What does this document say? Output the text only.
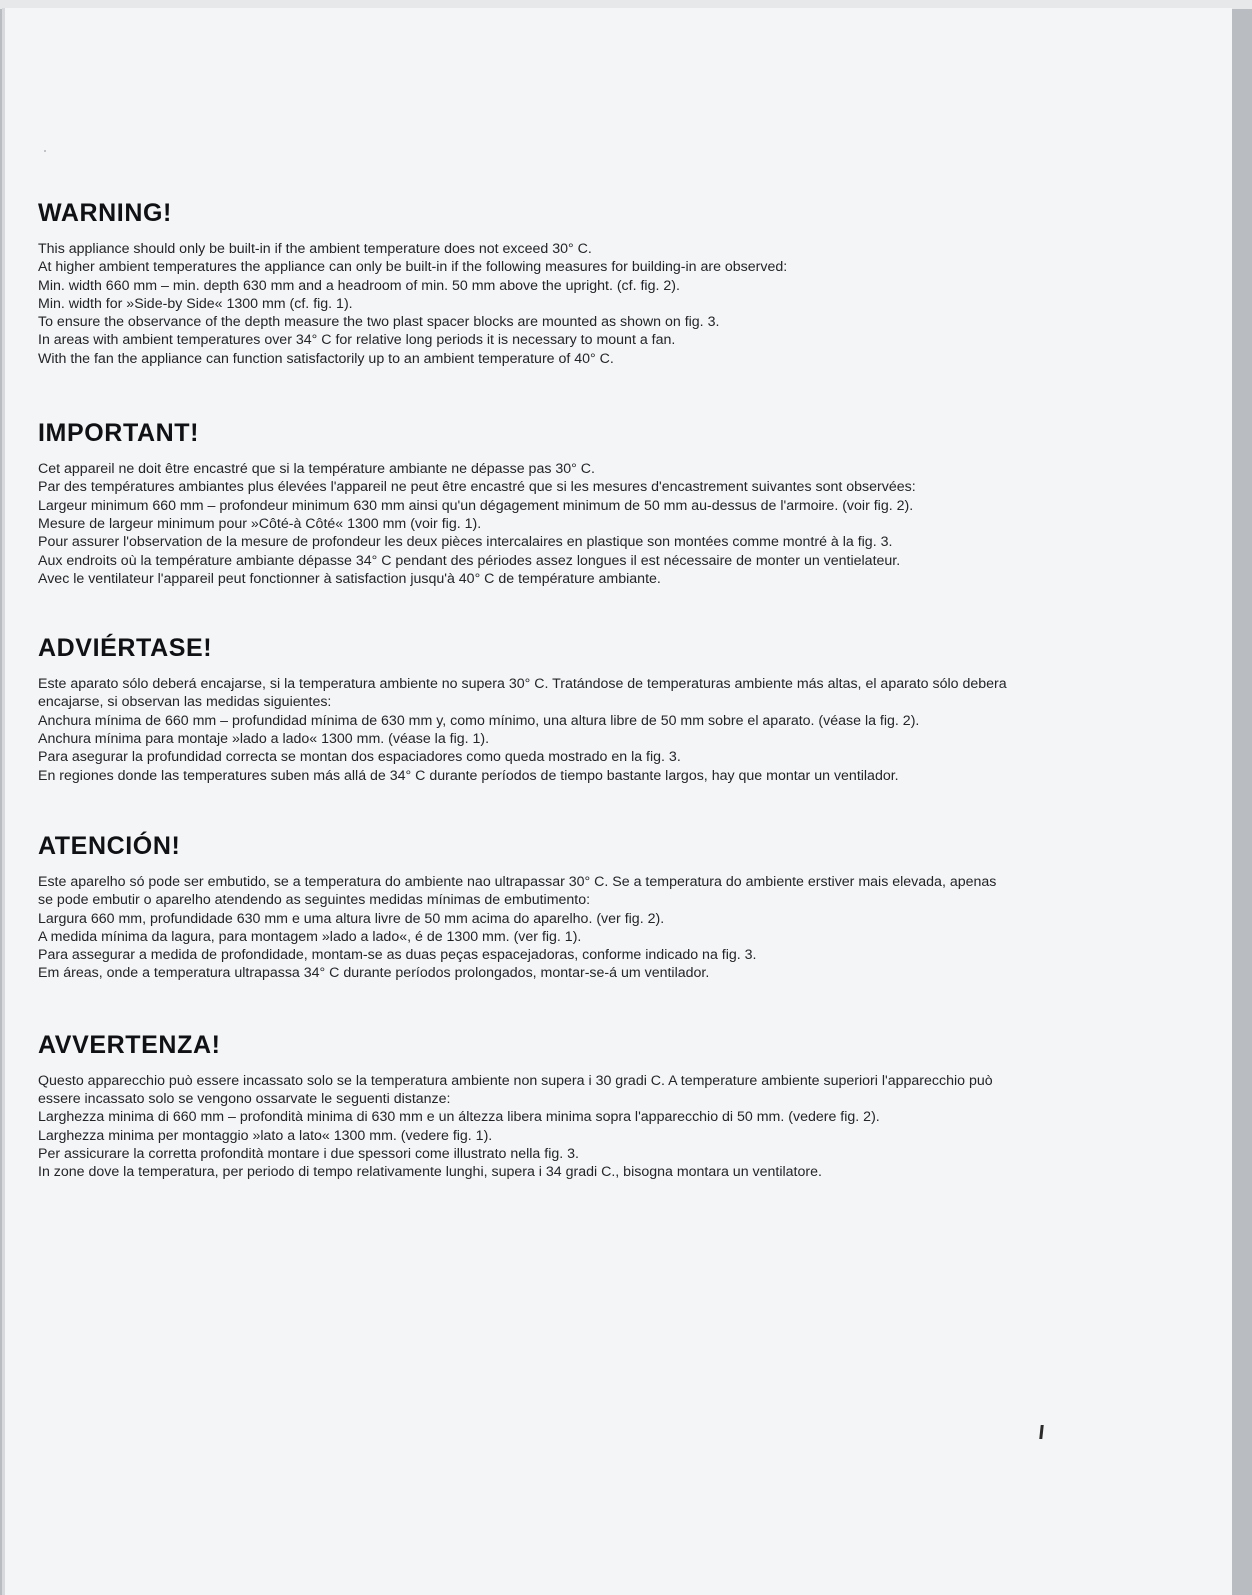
WARNING!

This appliance should only be built-in if the ambient temperature does not exceed 30° C.

At higher ambient temperatures the appliance can only be built-in if the following measures for building-in are observed:

Min. width 660 mm – min. depth 630 mm and a headroom of min. 50 mm above the upright. (cf. fig. 2).

Min. width for »Side-by Side« 1300 mm (cf. fig. 1).

To ensure the observance of the depth measure the two plast spacer blocks are mounted as shown on fig. 3.

In areas with ambient temperatures over 34° C for relative long periods it is necessary to mount a fan.

With the fan the appliance can function satisfactorily up to an ambient temperature of 40° C.

IMPORTANT!

Cet appareil ne doit être encastré que si la température ambiante ne dépasse pas 30° C.

Par des températures ambiantes plus élevées l'appareil ne peut être encastré que si les mesures d'encastrement suivantes sont observées:

Largeur minimum 660 mm – profondeur minimum 630 mm ainsi qu'un dégagement minimum de 50 mm au-dessus de l'armoire. (voir fig. 2).

Mesure de largeur minimum pour »Côté-à Côté« 1300 mm (voir fig. 1).

Pour assurer l'observation de la mesure de profondeur les deux pièces intercalaires en plastique son montées comme montré à la fig. 3.

Aux endroits où la température ambiante dépasse 34° C pendant des périodes assez longues il est nécessaire de monter un ventielateur.

Avec le ventilateur l'appareil peut fonctionner à satisfaction jusqu'à 40° C de température ambiante.

ADVIÉRTASE!

Este aparato sólo deberá encajarse, si la temperatura ambiente no supera 30° C. Tratándose de temperaturas ambiente más altas, el aparato sólo debera encajarse, si observan las medidas siguientes:

Anchura mínima de 660 mm – profundidad mínima de 630 mm y, como mínimo, una altura libre de 50 mm sobre el aparato. (véase la fig. 2).

Anchura mínima para montaje »lado a lado« 1300 mm. (véase la fig. 1).

Para asegurar la profundidad correcta se montan dos espaciadores como queda mostrado en la fig. 3.

En regiones donde las temperatures suben más allá de 34° C durante períodos de tiempo bastante largos, hay que montar un ventilador.

ATENCIÓN!

Este aparelho só pode ser embutido, se a temperatura do ambiente nao ultrapassar 30° C. Se a temperatura do ambiente erstiver mais elevada, apenas se pode embutir o aparelho atendendo as seguintes medidas mínimas de embutimento:

Largura 660 mm, profundidade 630 mm e uma altura livre de 50 mm acima do aparelho. (ver fig. 2).

A medida mínima da lagura, para montagem »lado a lado«, é de 1300 mm. (ver fig. 1).

Para assegurar a medida de profondidade, montam-se as duas peças espacejadoras, conforme indicado na fig. 3.

Em áreas, onde a temperatura ultrapassa 34° C durante períodos prolongados, montar-se-á um ventilador.

AVVERTENZA!

Questo apparecchio può essere incassato solo se la temperatura ambiente non supera i 30 gradi C. A temperature ambiente superiori l'apparecchio può essere incassato solo se vengono ossarvate le seguenti distanze:

Larghezza minima di 660 mm – profondità minima di 630 mm e un áltezza libera minima sopra l'apparecchio di 50 mm. (vedere fig. 2).

Larghezza minima per montaggio »lato a lato« 1300 mm. (vedere fig. 1).

Per assicurare la corretta profondità montare i due spessori come illustrato nella fig. 3.

In zone dove la temperatura, per periodo di tempo relativamente lunghi, supera i 34 gradi C., bisogna montara un ventilatore.
